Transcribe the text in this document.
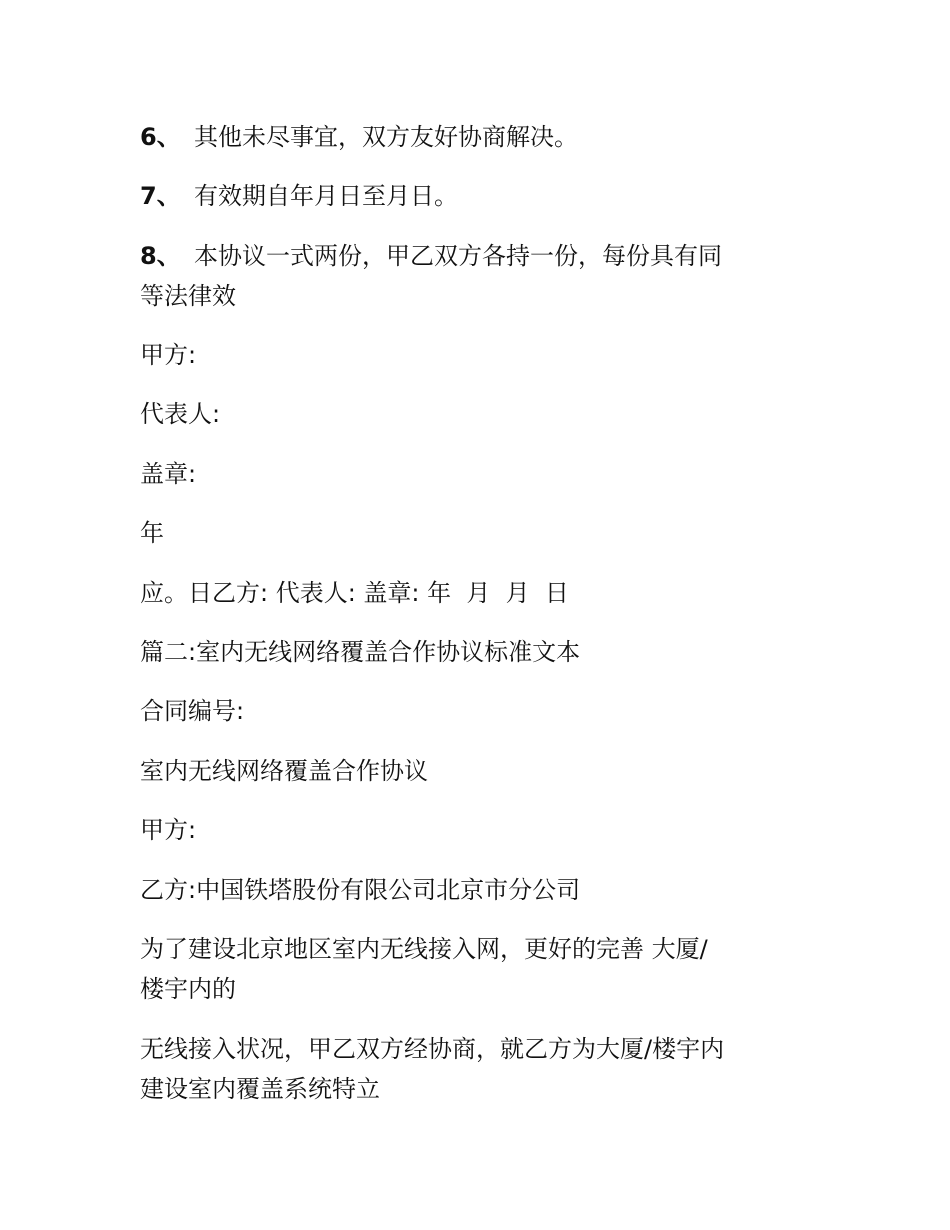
6、 其他未尽事宜，双方友好协商解决。
7、 有效期自年月日至月日。
8、 本协议一式两份，甲乙双方各持一份，每份具有同
等法律效
甲方:
代表人:
盖章:
年
应。日乙方: 代表人: 盖章: 年  月  月  日
篇二:室内无线网络覆盖合作协议标准文本
合同编号:
室内无线网络覆盖合作协议
甲方:
乙方:中国铁塔股份有限公司北京市分公司
为了建设北京地区室内无线接入网，更好的完善 大厦/
楼宇内的
无线接入状况，甲乙双方经协商，就乙方为大厦/楼宇内
建设室内覆盖系统特立
